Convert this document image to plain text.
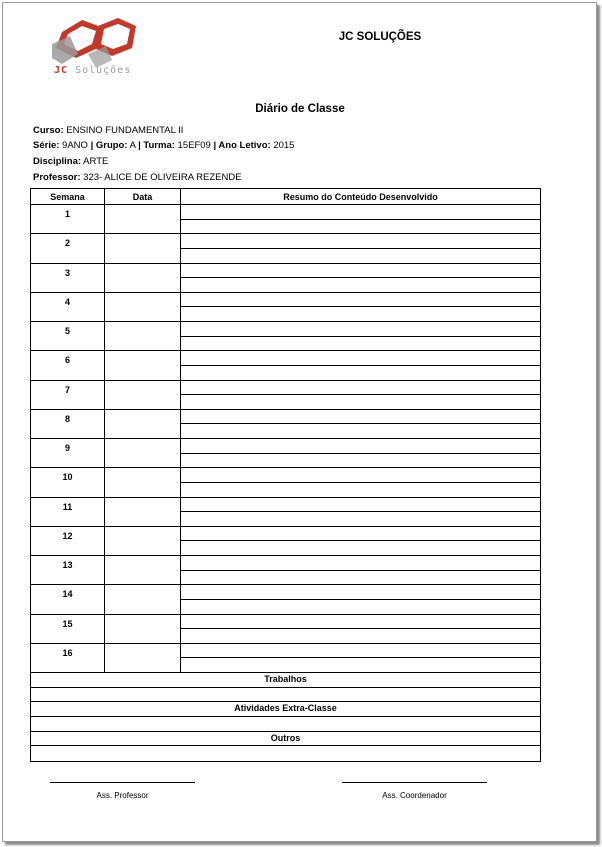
JC Soluções
JC SOLUÇÕES
Diário de Classe
Curso: ENSINO FUNDAMENTAL II
Série: 9ANO | Grupo: A | Turma: 15EF09 | Ano Letivo: 2015
Disciplina: ARTE
Professor: 323- ALICE DE OLIVEIRA REZENDE
Semana	Data	Resumo do Conteúdo Desenvolvido
1
2
3
4
5
6
7
8
9
10
11
12
13
14
15
16
Trabalhos
Atividades Extra-Classe
Outros
Ass. Professor	Ass. Coordenador
